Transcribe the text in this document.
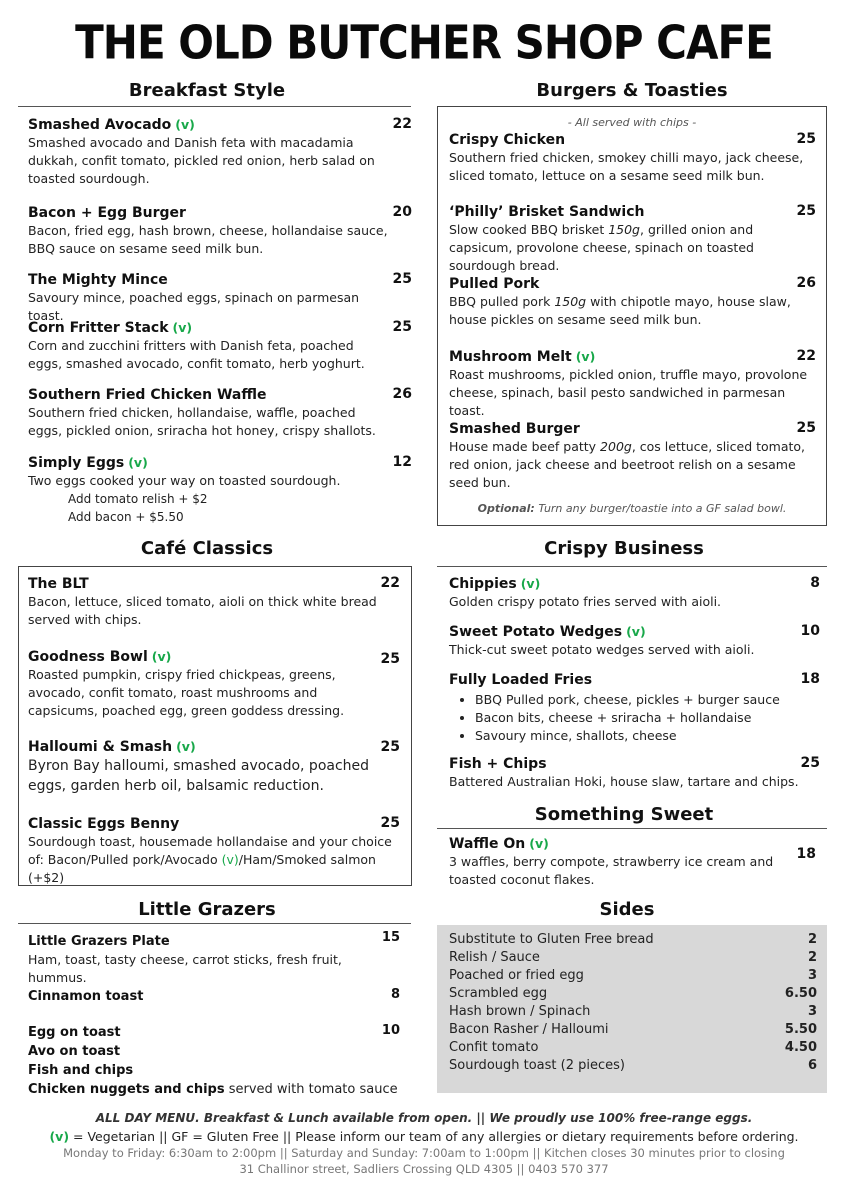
THE OLD BUTCHER SHOP CAFE
Breakfast Style
Smashed Avocado (v)
Smashed avocado and Danish feta with macadamia dukkah, confit tomato, pickled red onion, herb salad on toasted sourdough.
22
Bacon + Egg Burger
Bacon, fried egg, hash brown, cheese, hollandaise sauce, BBQ sauce on sesame seed milk bun.
20
The Mighty Mince
Savoury mince, poached eggs, spinach on parmesan toast.
25
Corn Fritter Stack (v)
Corn and zucchini fritters with Danish feta, poached eggs, smashed avocado, confit tomato, herb yoghurt.
25
Southern Fried Chicken Waffle
Southern fried chicken, hollandaise, waffle, poached eggs, pickled onion, sriracha hot honey, crispy shallots.
26
Simply Eggs (v)
Two eggs cooked your way on toasted sourdough.
Add tomato relish + $2
Add bacon + $5.50
12
Burgers & Toasties
- All served with chips -
Crispy Chicken
Southern fried chicken, smokey chilli mayo, jack cheese, sliced tomato, lettuce on a sesame seed milk bun.
25
‘Philly’ Brisket Sandwich
Slow cooked BBQ brisket 150g, grilled onion and capsicum, provolone cheese, spinach on toasted sourdough bread.
25
Pulled Pork
BBQ pulled pork 150g with chipotle mayo, house slaw, house pickles on sesame seed milk bun.
26
Mushroom Melt (v)
Roast mushrooms, pickled onion, truffle mayo, provolone cheese, spinach, basil pesto sandwiched in parmesan toast.
22
Smashed Burger
House made beef patty 200g, cos lettuce, sliced tomato, red onion, jack cheese and beetroot relish on a sesame seed bun.
25
Optional: Turn any burger/toastie into a GF salad bowl.
Café Classics
The BLT
Bacon, lettuce, sliced tomato, aioli on thick white bread served with chips.
22
Goodness Bowl (v)
Roasted pumpkin, crispy fried chickpeas, greens, avocado, confit tomato, roast mushrooms and capsicums, poached egg, green goddess dressing.
25
Halloumi & Smash (v)
Byron Bay halloumi, smashed avocado, poached eggs, garden herb oil, balsamic reduction.
25
Classic Eggs Benny
Sourdough toast, housemade hollandaise and your choice of: Bacon/Pulled pork/Avocado (v)/Ham/Smoked salmon (+$2)
25
Crispy Business
Chippies (v)
Golden crispy potato fries served with aioli.
8
Sweet Potato Wedges (v)
Thick-cut sweet potato wedges served with aioli.
10
Fully Loaded Fries
• BBQ Pulled pork, cheese, pickles + burger sauce
• Bacon bits, cheese + sriracha + hollandaise
• Savoury mince, shallots, cheese
18
Fish + Chips
Battered Australian Hoki, house slaw, tartare and chips.
25
Something Sweet
Waffle On (v)
3 waffles, berry compote, strawberry ice cream and toasted coconut flakes.
18
Little Grazers
Little Grazers Plate
Ham, toast, tasty cheese, carrot sticks, fresh fruit, hummus.
15
Cinnamon toast	8
Egg on toast
Avo on toast
Fish and chips
Chicken nuggets and chips served with tomato sauce
10
Sides
Substitute to Gluten Free bread	2
Relish / Sauce	2
Poached or fried egg	3
Scrambled egg	6.50
Hash brown / Spinach	3
Bacon Rasher / Halloumi	5.50
Confit tomato	4.50
Sourdough toast (2 pieces)	6
ALL DAY MENU. Breakfast & Lunch available from open. || We proudly use 100% free-range eggs.
(v) = Vegetarian || GF = Gluten Free || Please inform our team of any allergies or dietary requirements before ordering.
Monday to Friday: 6:30am to 2:00pm || Saturday and Sunday: 7:00am to 1:00pm || Kitchen closes 30 minutes prior to closing
31 Challinor street, Sadliers Crossing QLD 4305 || 0403 570 377
